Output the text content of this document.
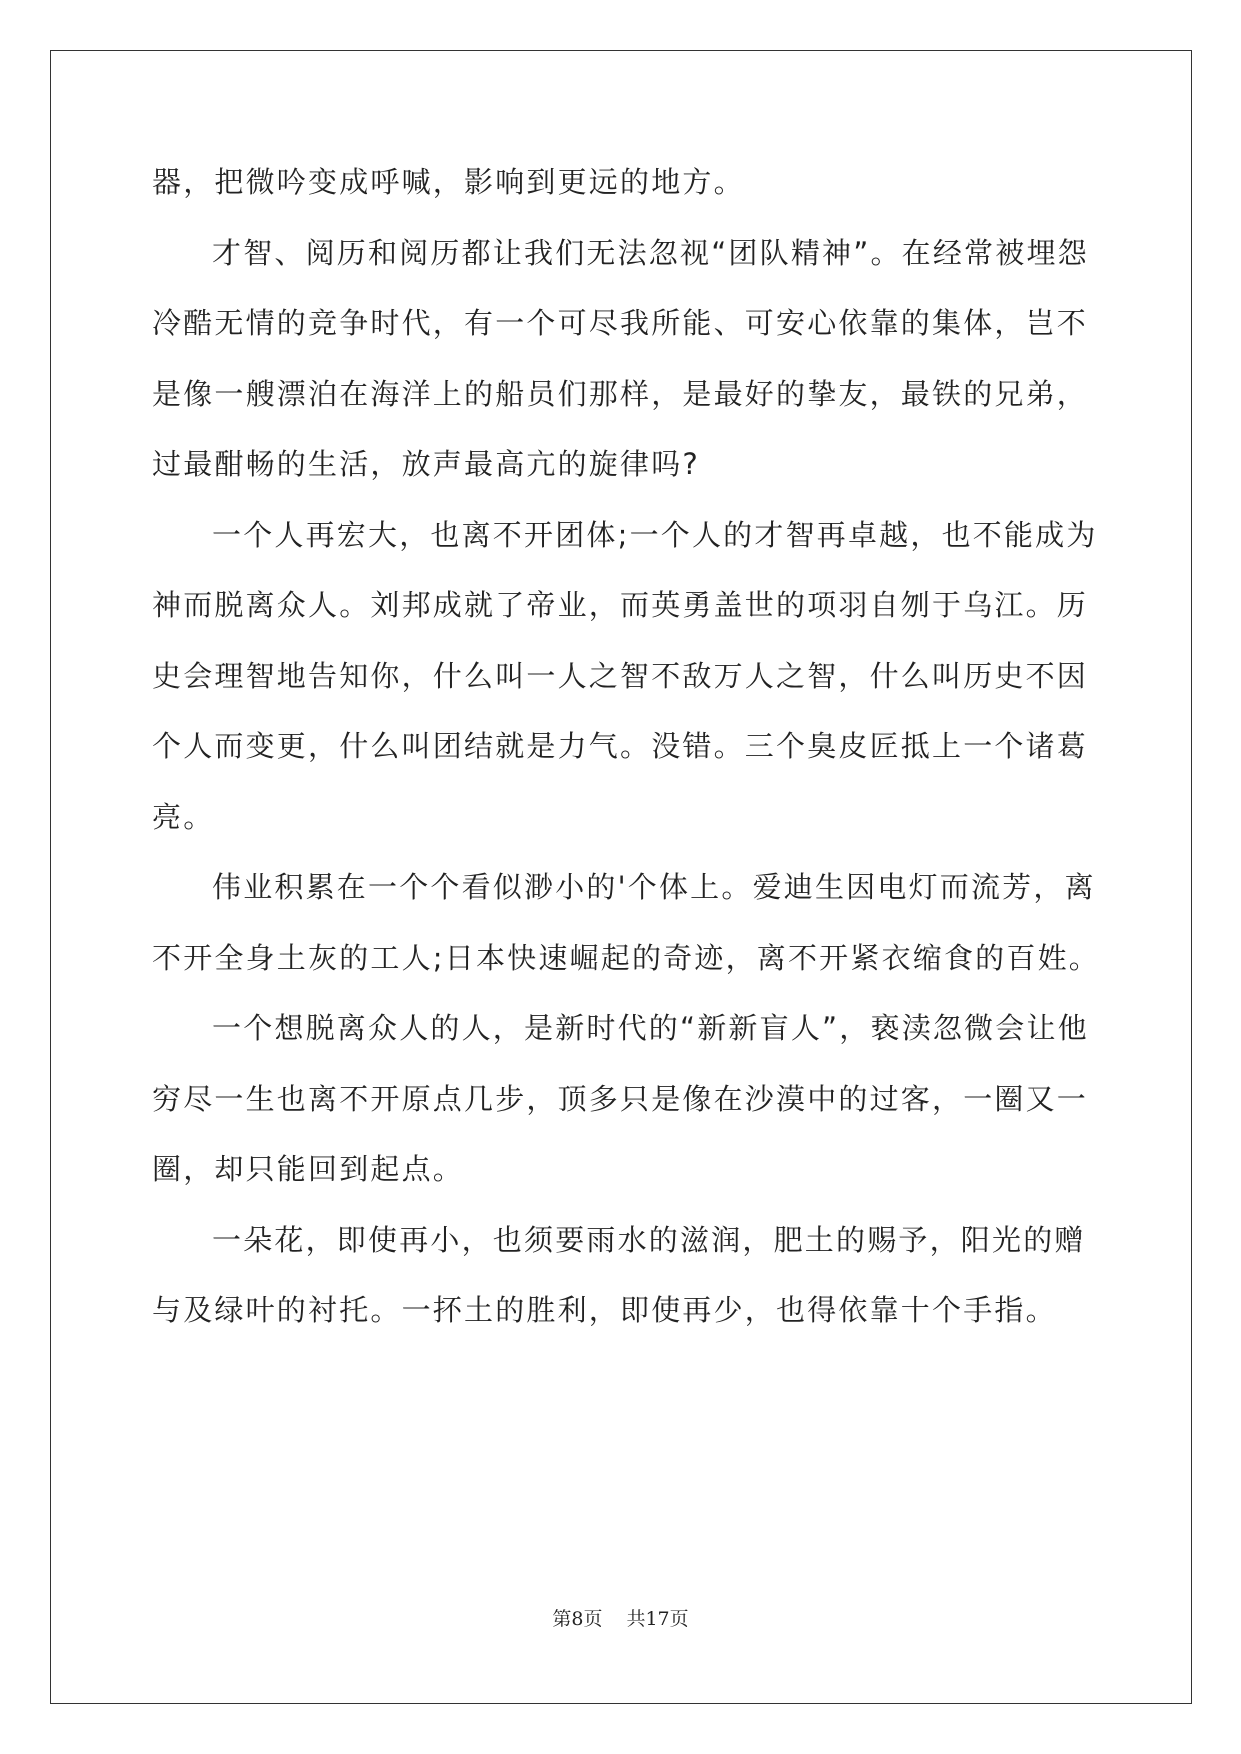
器，把微吟变成呼喊，影响到更远的地方。
才智、阅历和阅历都让我们无法忽视“团队精神”。在经常被埋怨
冷酷无情的竞争时代，有一个可尽我所能、可安心依靠的集体，岂不
是像一艘漂泊在海洋上的船员们那样，是最好的挚友，最铁的兄弟，
过最酣畅的生活，放声最高亢的旋律吗?
一个人再宏大，也离不开团体;一个人的才智再卓越，也不能成为
神而脱离众人。刘邦成就了帝业，而英勇盖世的项羽自刎于乌江。历
史会理智地告知你，什么叫一人之智不敌万人之智，什么叫历史不因
个人而变更，什么叫团结就是力气。没错。三个臭皮匠抵上一个诸葛
亮。
伟业积累在一个个看似渺小的'个体上。爱迪生因电灯而流芳，离
不开全身土灰的工人;日本快速崛起的奇迹，离不开紧衣缩食的百姓。
一个想脱离众人的人，是新时代的“新新盲人”，亵渎忽微会让他
穷尽一生也离不开原点几步，顶多只是像在沙漠中的过客，一圈又一
圈，却只能回到起点。
一朵花，即使再小，也须要雨水的滋润，肥土的赐予，阳光的赠
与及绿叶的衬托。一抔土的胜利，即使再少，也得依靠十个手指。
第8页 共17页
